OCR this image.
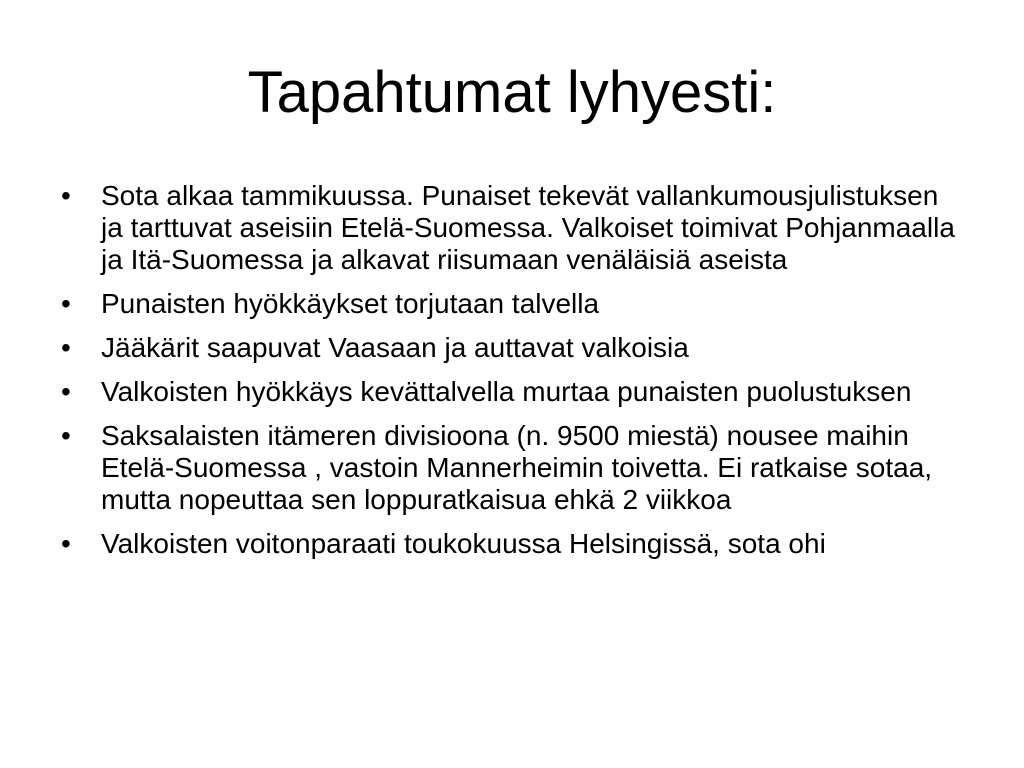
Tapahtumat lyhyesti:
•	Sota alkaa tammikuussa. Punaiset tekevät vallankumousjulistuksen ja tarttuvat aseisiin Etelä-Suomessa. Valkoiset toimivat Pohjanmaalla ja Itä-Suomessa ja alkavat riisumaan venäläisiä aseista
•	Punaisten hyökkäykset torjutaan talvella
•	Jääkärit saapuvat Vaasaan ja auttavat valkoisia
•	Valkoisten hyökkäys kevättalvella murtaa punaisten puolustuksen
•	Saksalaisten itämeren divisioona (n. 9500 miestä) nousee maihin Etelä-Suomessa , vastoin Mannerheimin toivetta. Ei ratkaise sotaa, mutta nopeuttaa sen loppuratkaisua ehkä 2 viikkoa
•	Valkoisten voitonparaati toukokuussa Helsingissä, sota ohi
